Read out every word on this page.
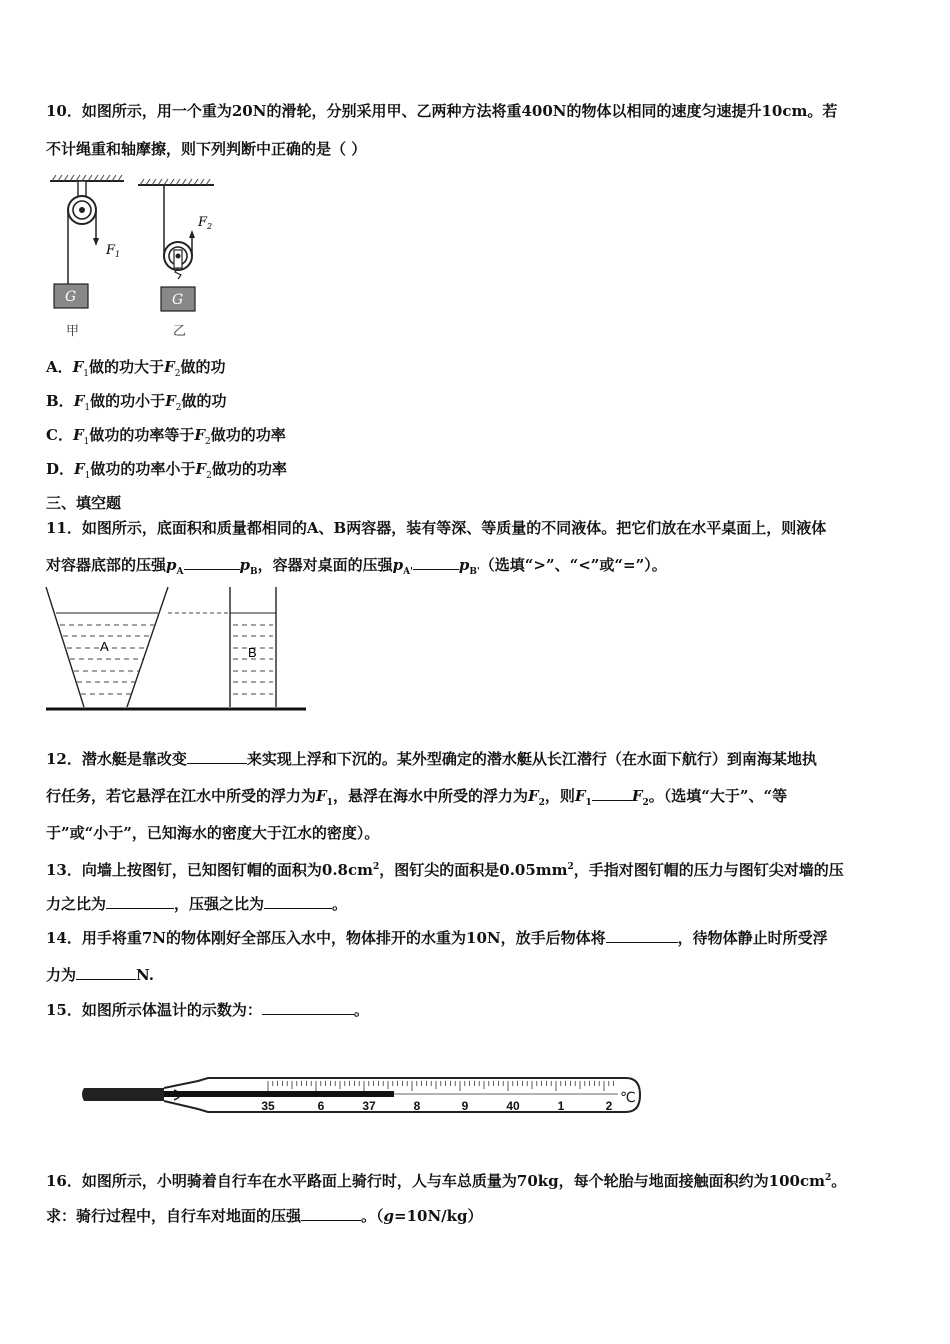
10．如图所示，用一个重为20N的滑轮，分别采用甲、乙两种方法将重400N的物体以相同的速度匀速提升10cm。若
不计绳重和轴摩擦，则下列判断中正确的是（ ）
$F_1$
G
$F_2$
G
甲	乙
A．$F_1$做的功大于$F_2$做的功
B．$F_1$做的功小于$F_2$做的功
C．$F_1$做功的功率等于$F_2$做功的功率
D．$F_1$做功的功率小于$F_2$做功的功率
三、填空题
11．如图所示，底面积和质量都相同的A、B两容器，装有等深、等质量的不同液体。把它们放在水平桌面上，则液体
对容器底部的压强$p_A$	$p_B$，容器对桌面的压强$p_{A'}$	$p_{B'}$（选填“>”、“<”或“=”）。
A	B
12．潜水艇是靠改变	来实现上浮和下沉的。某外型确定的潜水艇从长江潜行（在水面下航行）到南海某地执
行任务，若它悬浮在江水中所受的浮力为$F_1$，悬浮在海水中所受的浮力为$F_2$，则$F_1$	$F_2$。（选填“大于”、“等
于”或“小于”，已知海水的密度大于江水的密度）。
13．向墙上按图钉，已知图钉帽的面积为$0.8cm^2$，图钉尖的面积是$0.05mm^2$，手指对图钉帽的压力与图钉尖对墙的压
力之比为	，压强之比为	。
14．用手将重7N的物体刚好全部压入水中，物体排开的水重为10N，放手后物体将	，待物体静止时所受浮
力为	N.
15．如图所示体温计的示数为：	。
35	6	37	8	9	40	1	2 ℃
16．如图所示，小明骑着自行车在水平路面上骑行时，人与车总质量为70kg，每个轮胎与地面接触面积约为$100cm^2$。
求：骑行过程中，自行车对地面的压强	。（g=10N/kg）
